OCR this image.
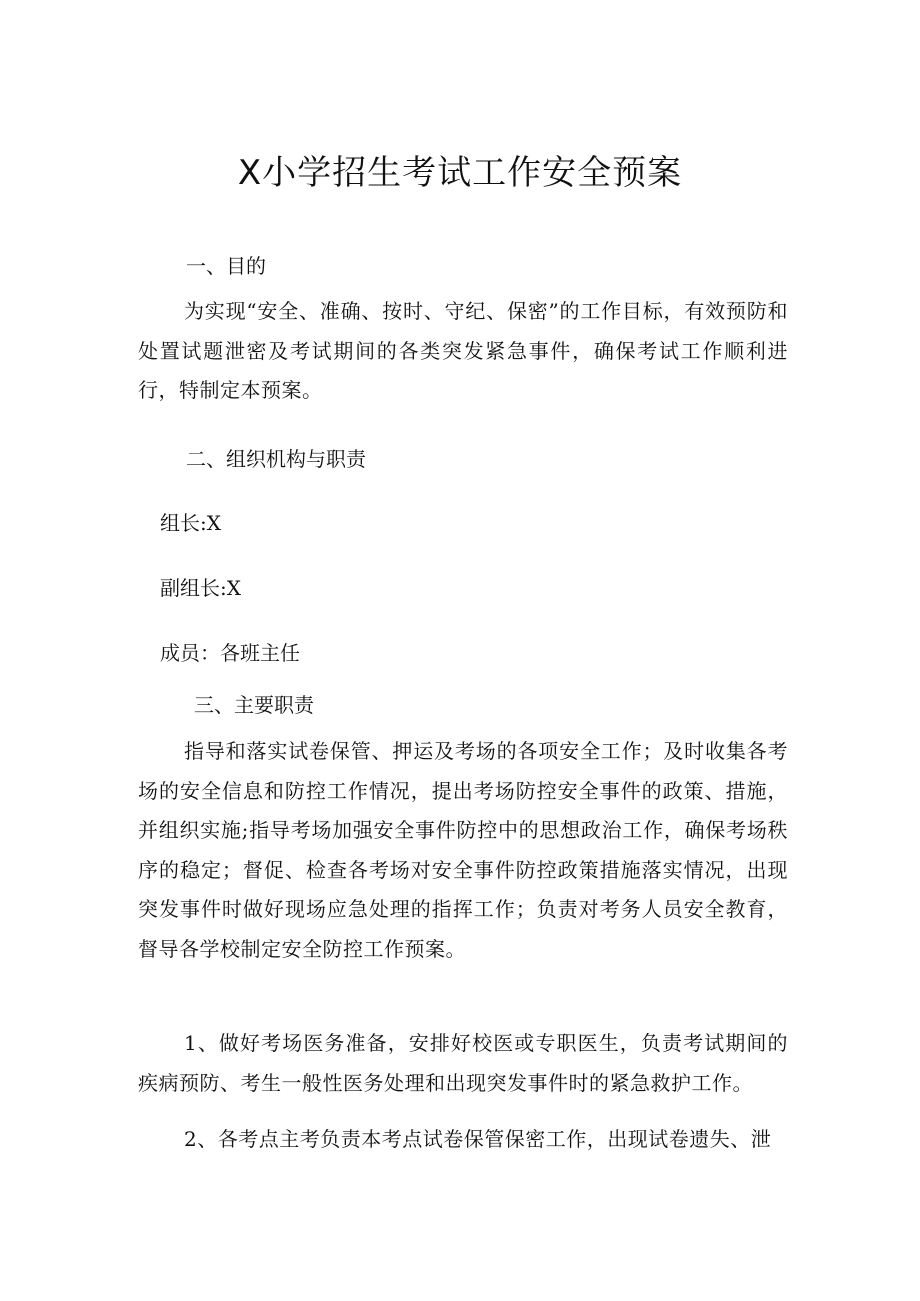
X小学招生考试工作安全预案

一、目的

为实现“安全、准确、按时、守纪、保密”的工作目标，有效预防和处置试题泄密及考试期间的各类突发紧急事件，确保考试工作顺利进行，特制定本预案。

二、组织机构与职责

组长:X

副组长:X

成员：各班主任

三、主要职责

指导和落实试卷保管、押运及考场的各项安全工作；及时收集各考场的安全信息和防控工作情况，提出考场防控安全事件的政策、措施，并组织实施;指导考场加强安全事件防控中的思想政治工作，确保考场秩序的稳定；督促、检查各考场对安全事件防控政策措施落实情况，出现突发事件时做好现场应急处理的指挥工作；负责对考务人员安全教育，督导各学校制定安全防控工作预案。

1、做好考场医务准备，安排好校医或专职医生，负责考试期间的疾病预防、考生一般性医务处理和出现突发事件时的紧急救护工作。

2、各考点主考负责本考点试卷保管保密工作，出现试卷遗失、泄
